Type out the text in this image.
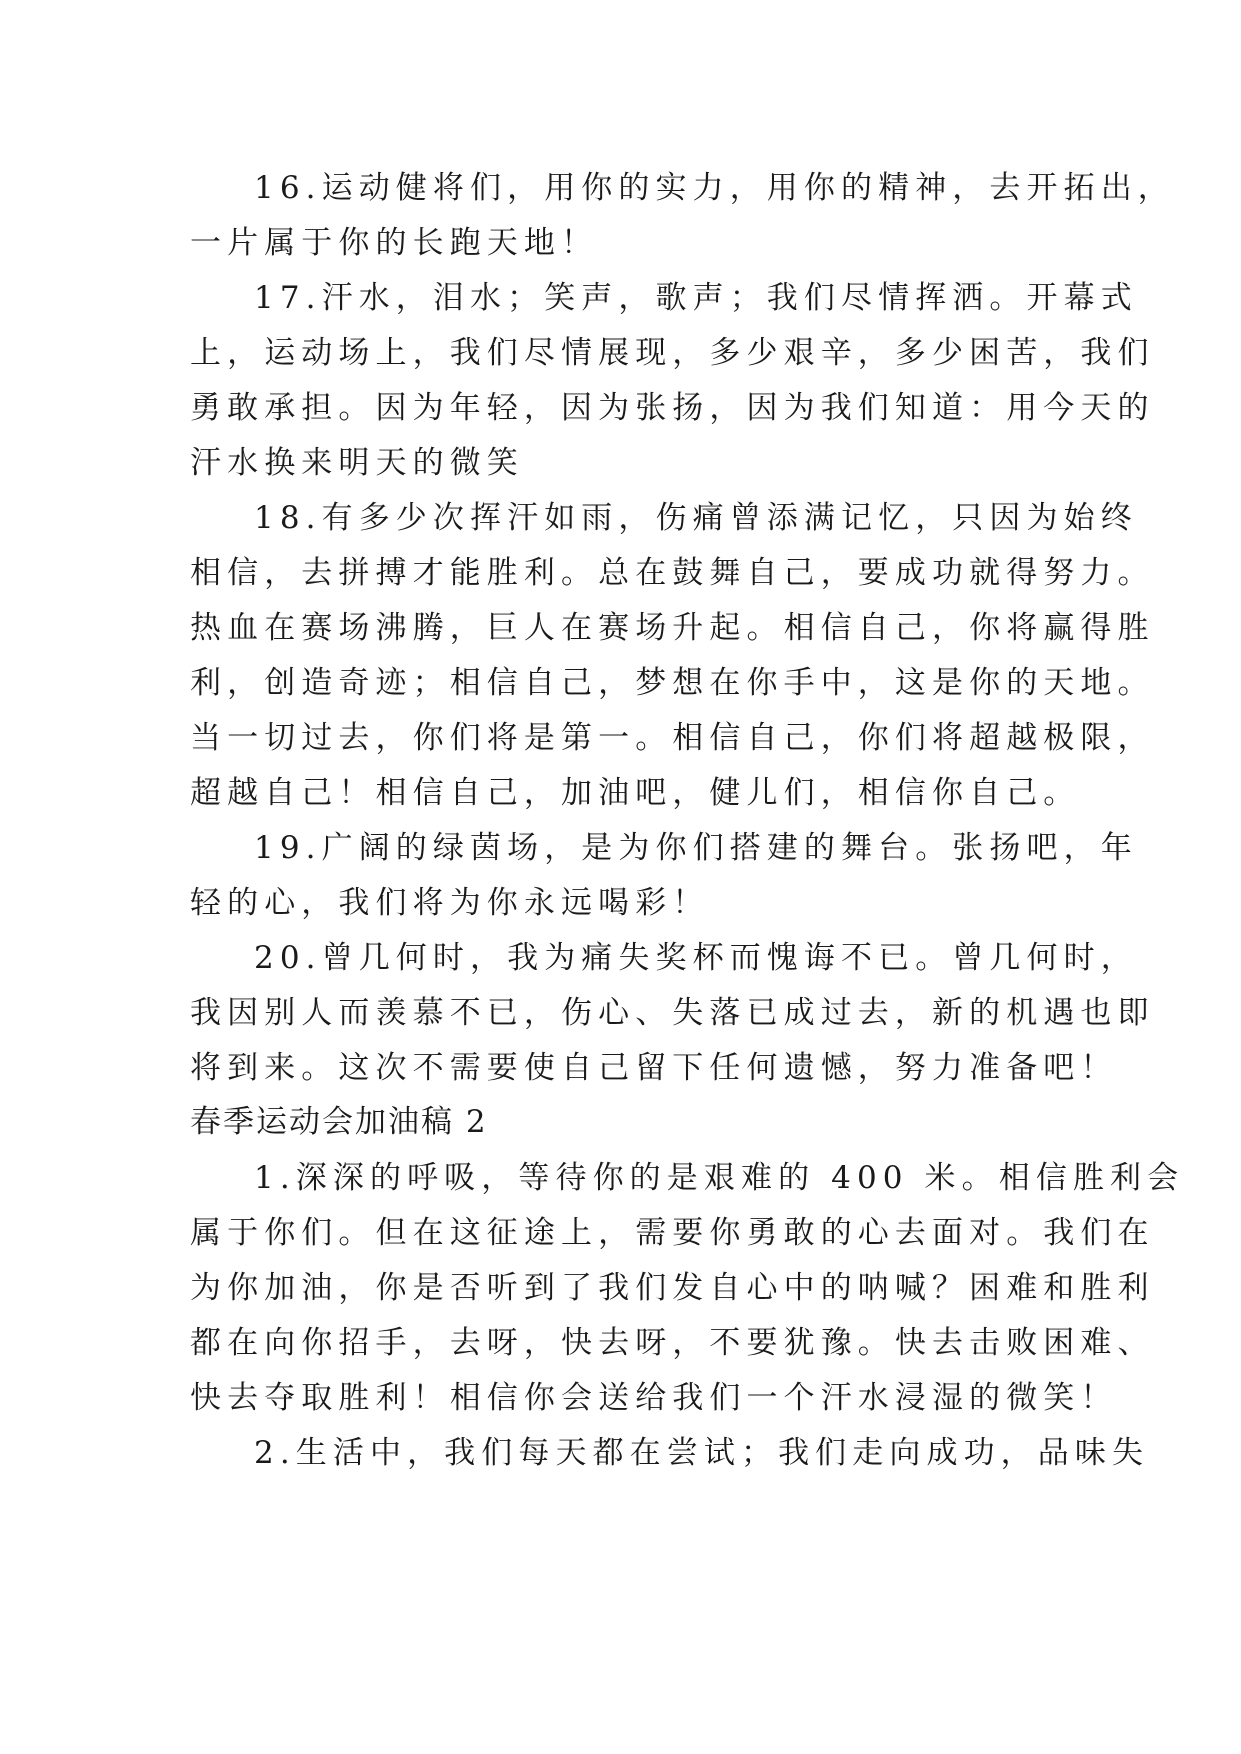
16.运动健将们，用你的实力，用你的精神，去开拓出，
一片属于你的长跑天地！
17.汗水，泪水；笑声，歌声；我们尽情挥洒。开幕式
上，运动场上，我们尽情展现，多少艰辛，多少困苦，我们
勇敢承担。因为年轻，因为张扬，因为我们知道：用今天的
汗水换来明天的微笑
18.有多少次挥汗如雨，伤痛曾添满记忆，只因为始终
相信，去拼搏才能胜利。总在鼓舞自己，要成功就得努力。
热血在赛场沸腾，巨人在赛场升起。相信自己，你将赢得胜
利，创造奇迹；相信自己，梦想在你手中，这是你的天地。
当一切过去，你们将是第一。相信自己，你们将超越极限，
超越自己！相信自己，加油吧，健儿们，相信你自己。
19.广阔的绿茵场，是为你们搭建的舞台。张扬吧，年
轻的心，我们将为你永远喝彩！
20.曾几何时，我为痛失奖杯而愧诲不已。曾几何时，
我因别人而羡慕不已，伤心、失落已成过去，新的机遇也即
将到来。这次不需要使自己留下任何遗憾，努力准备吧！
春季运动会加油稿 2
1.深深的呼吸，等待你的是艰难的 400 米。相信胜利会
属于你们。但在这征途上，需要你勇敢的心去面对。我们在
为你加油，你是否听到了我们发自心中的呐喊？困难和胜利
都在向你招手，去呀，快去呀，不要犹豫。快去击败困难、
快去夺取胜利！相信你会送给我们一个汗水浸湿的微笑！
2.生活中，我们每天都在尝试；我们走向成功，品味失
